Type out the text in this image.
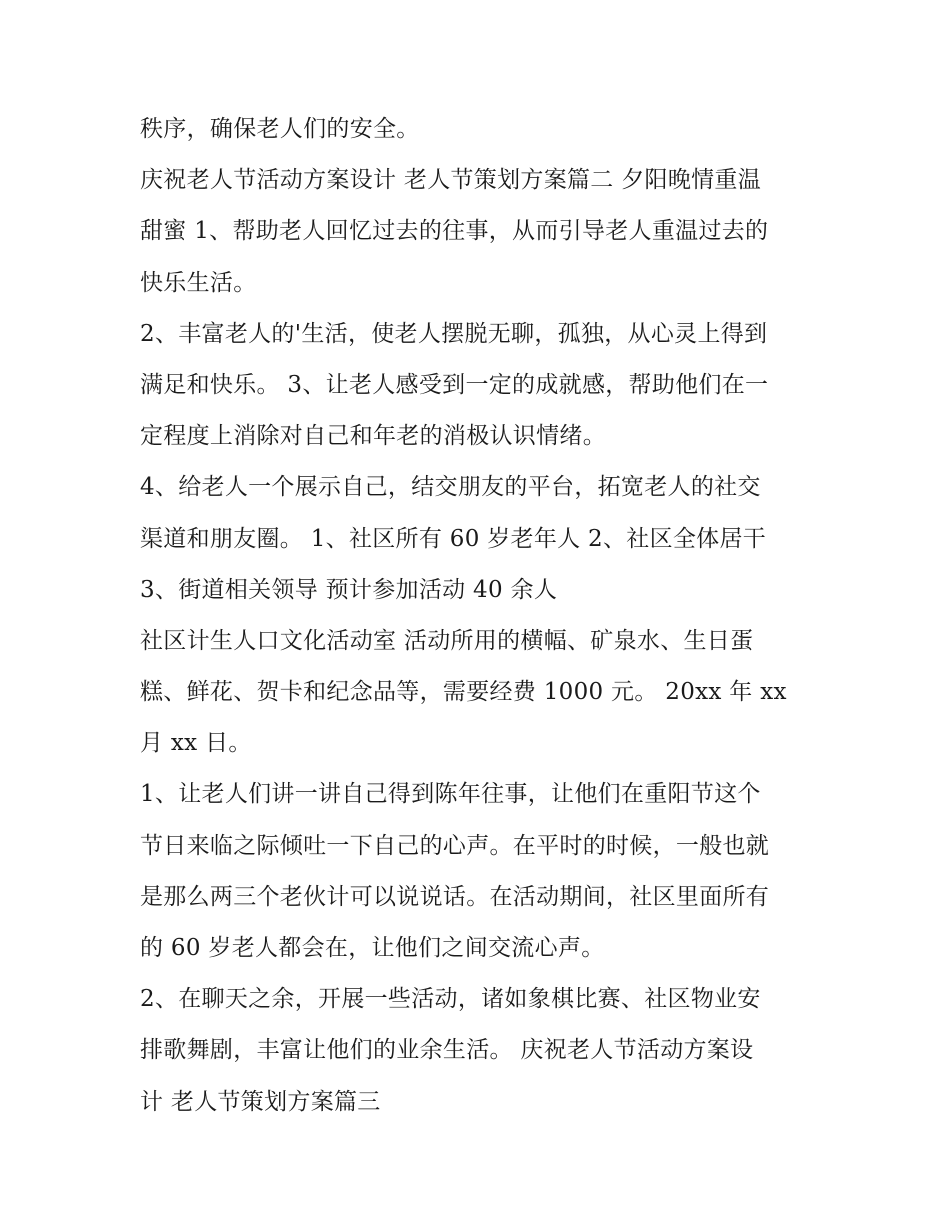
秩序，确保老人们的安全。
庆祝老人节活动方案设计 老人节策划方案篇二 夕阳晚情重温
甜蜜 1、帮助老人回忆过去的往事，从而引导老人重温过去的
快乐生活。
2、丰富老人的'生活，使老人摆脱无聊，孤独，从心灵上得到
满足和快乐。 3、让老人感受到一定的成就感，帮助他们在一
定程度上消除对自己和年老的消极认识情绪。
4、给老人一个展示自己，结交朋友的平台，拓宽老人的社交
渠道和朋友圈。 1、社区所有 60 岁老年人 2、社区全体居干
3、街道相关领导 预计参加活动 40 余人
社区计生人口文化活动室 活动所用的横幅、矿泉水、生日蛋
糕、鲜花、贺卡和纪念品等，需要经费 1000 元。 20xx 年 xx
月 xx 日。
1、让老人们讲一讲自己得到陈年往事，让他们在重阳节这个
节日来临之际倾吐一下自己的心声。在平时的时候，一般也就
是那么两三个老伙计可以说说话。在活动期间，社区里面所有
的 60 岁老人都会在，让他们之间交流心声。
2、在聊天之余，开展一些活动，诸如象棋比赛、社区物业安
排歌舞剧，丰富让他们的业余生活。 庆祝老人节活动方案设
计 老人节策划方案篇三
